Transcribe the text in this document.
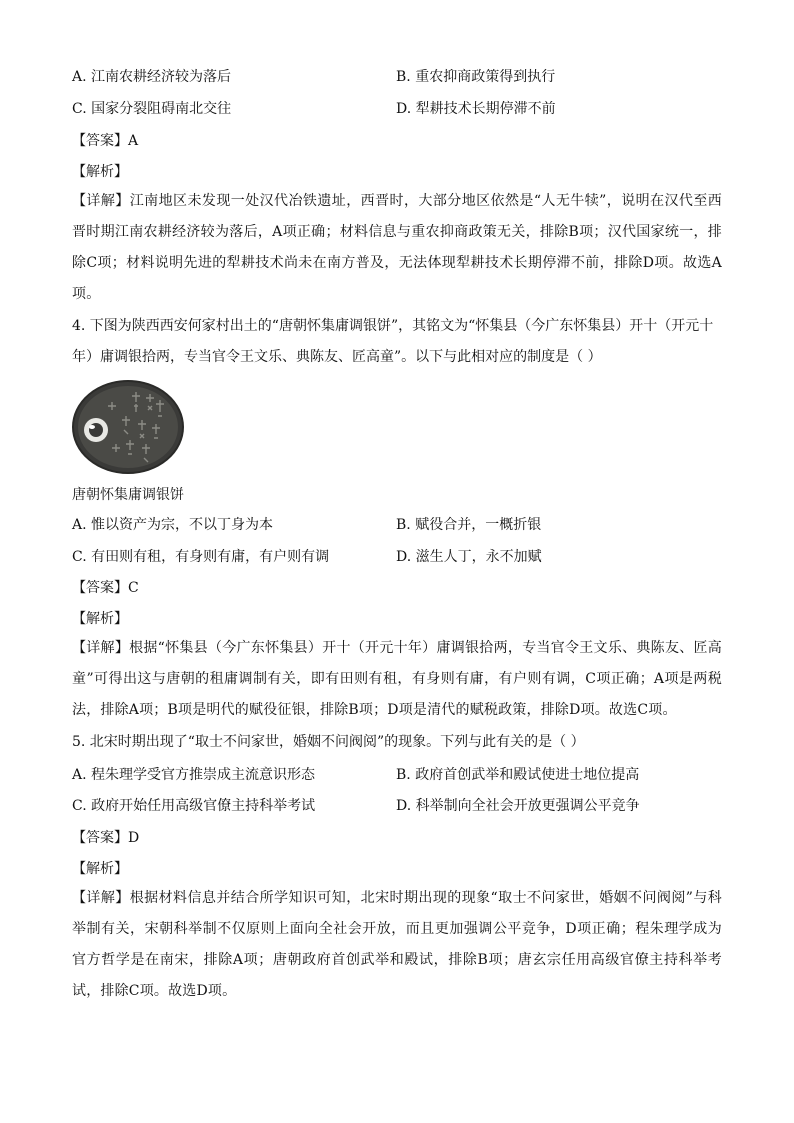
A. 江南农耕经济较为落后	B. 重农抑商政策得到执行
C. 国家分裂阻碍南北交往	D. 犁耕技术长期停滞不前
【答案】A
【解析】
【详解】江南地区未发现一处汉代冶铁遗址，西晋时，大部分地区依然是“人无牛犊”，说明在汉代至西晋时期江南农耕经济较为落后，A项正确；材料信息与重农抑商政策无关，排除B项；汉代国家统一，排除C项；材料说明先进的犁耕技术尚未在南方普及，无法体现犁耕技术长期停滞不前，排除D项。故选A项。
4. 下图为陕西西安何家村出土的“唐朝怀集庸调银饼”，其铭文为“怀集县（今广东怀集县）开十（开元十年）庸调银拾两，专当官令王文乐、典陈友、匠高童”。以下与此相对应的制度是（ ）
唐朝怀集庸调银饼
A. 惟以资产为宗，不以丁身为本	B. 赋役合并，一概折银
C. 有田则有租，有身则有庸，有户则有调	D. 滋生人丁，永不加赋
【答案】C
【解析】
【详解】根据“怀集县（今广东怀集县）开十（开元十年）庸调银拾两，专当官令王文乐、典陈友、匠高童”可得出这与唐朝的租庸调制有关，即有田则有租，有身则有庸，有户则有调，C项正确；A项是两税法，排除A项；B项是明代的赋役征银，排除B项；D项是清代的赋税政策，排除D项。故选C项。
5. 北宋时期出现了“取士不问家世，婚姻不问阀阅”的现象。下列与此有关的是（ ）
A. 程朱理学受官方推崇成主流意识形态	B. 政府首创武举和殿试使进士地位提高
C. 政府开始任用高级官僚主持科举考试	D. 科举制向全社会开放更强调公平竞争
【答案】D
【解析】
【详解】根据材料信息并结合所学知识可知，北宋时期出现的现象“取士不问家世，婚姻不问阀阅”与科举制有关，宋朝科举制不仅原则上面向全社会开放，而且更加强调公平竞争，D项正确；程朱理学成为官方哲学是在南宋，排除A项；唐朝政府首创武举和殿试，排除B项；唐玄宗任用高级官僚主持科举考试，排除C项。故选D项。
